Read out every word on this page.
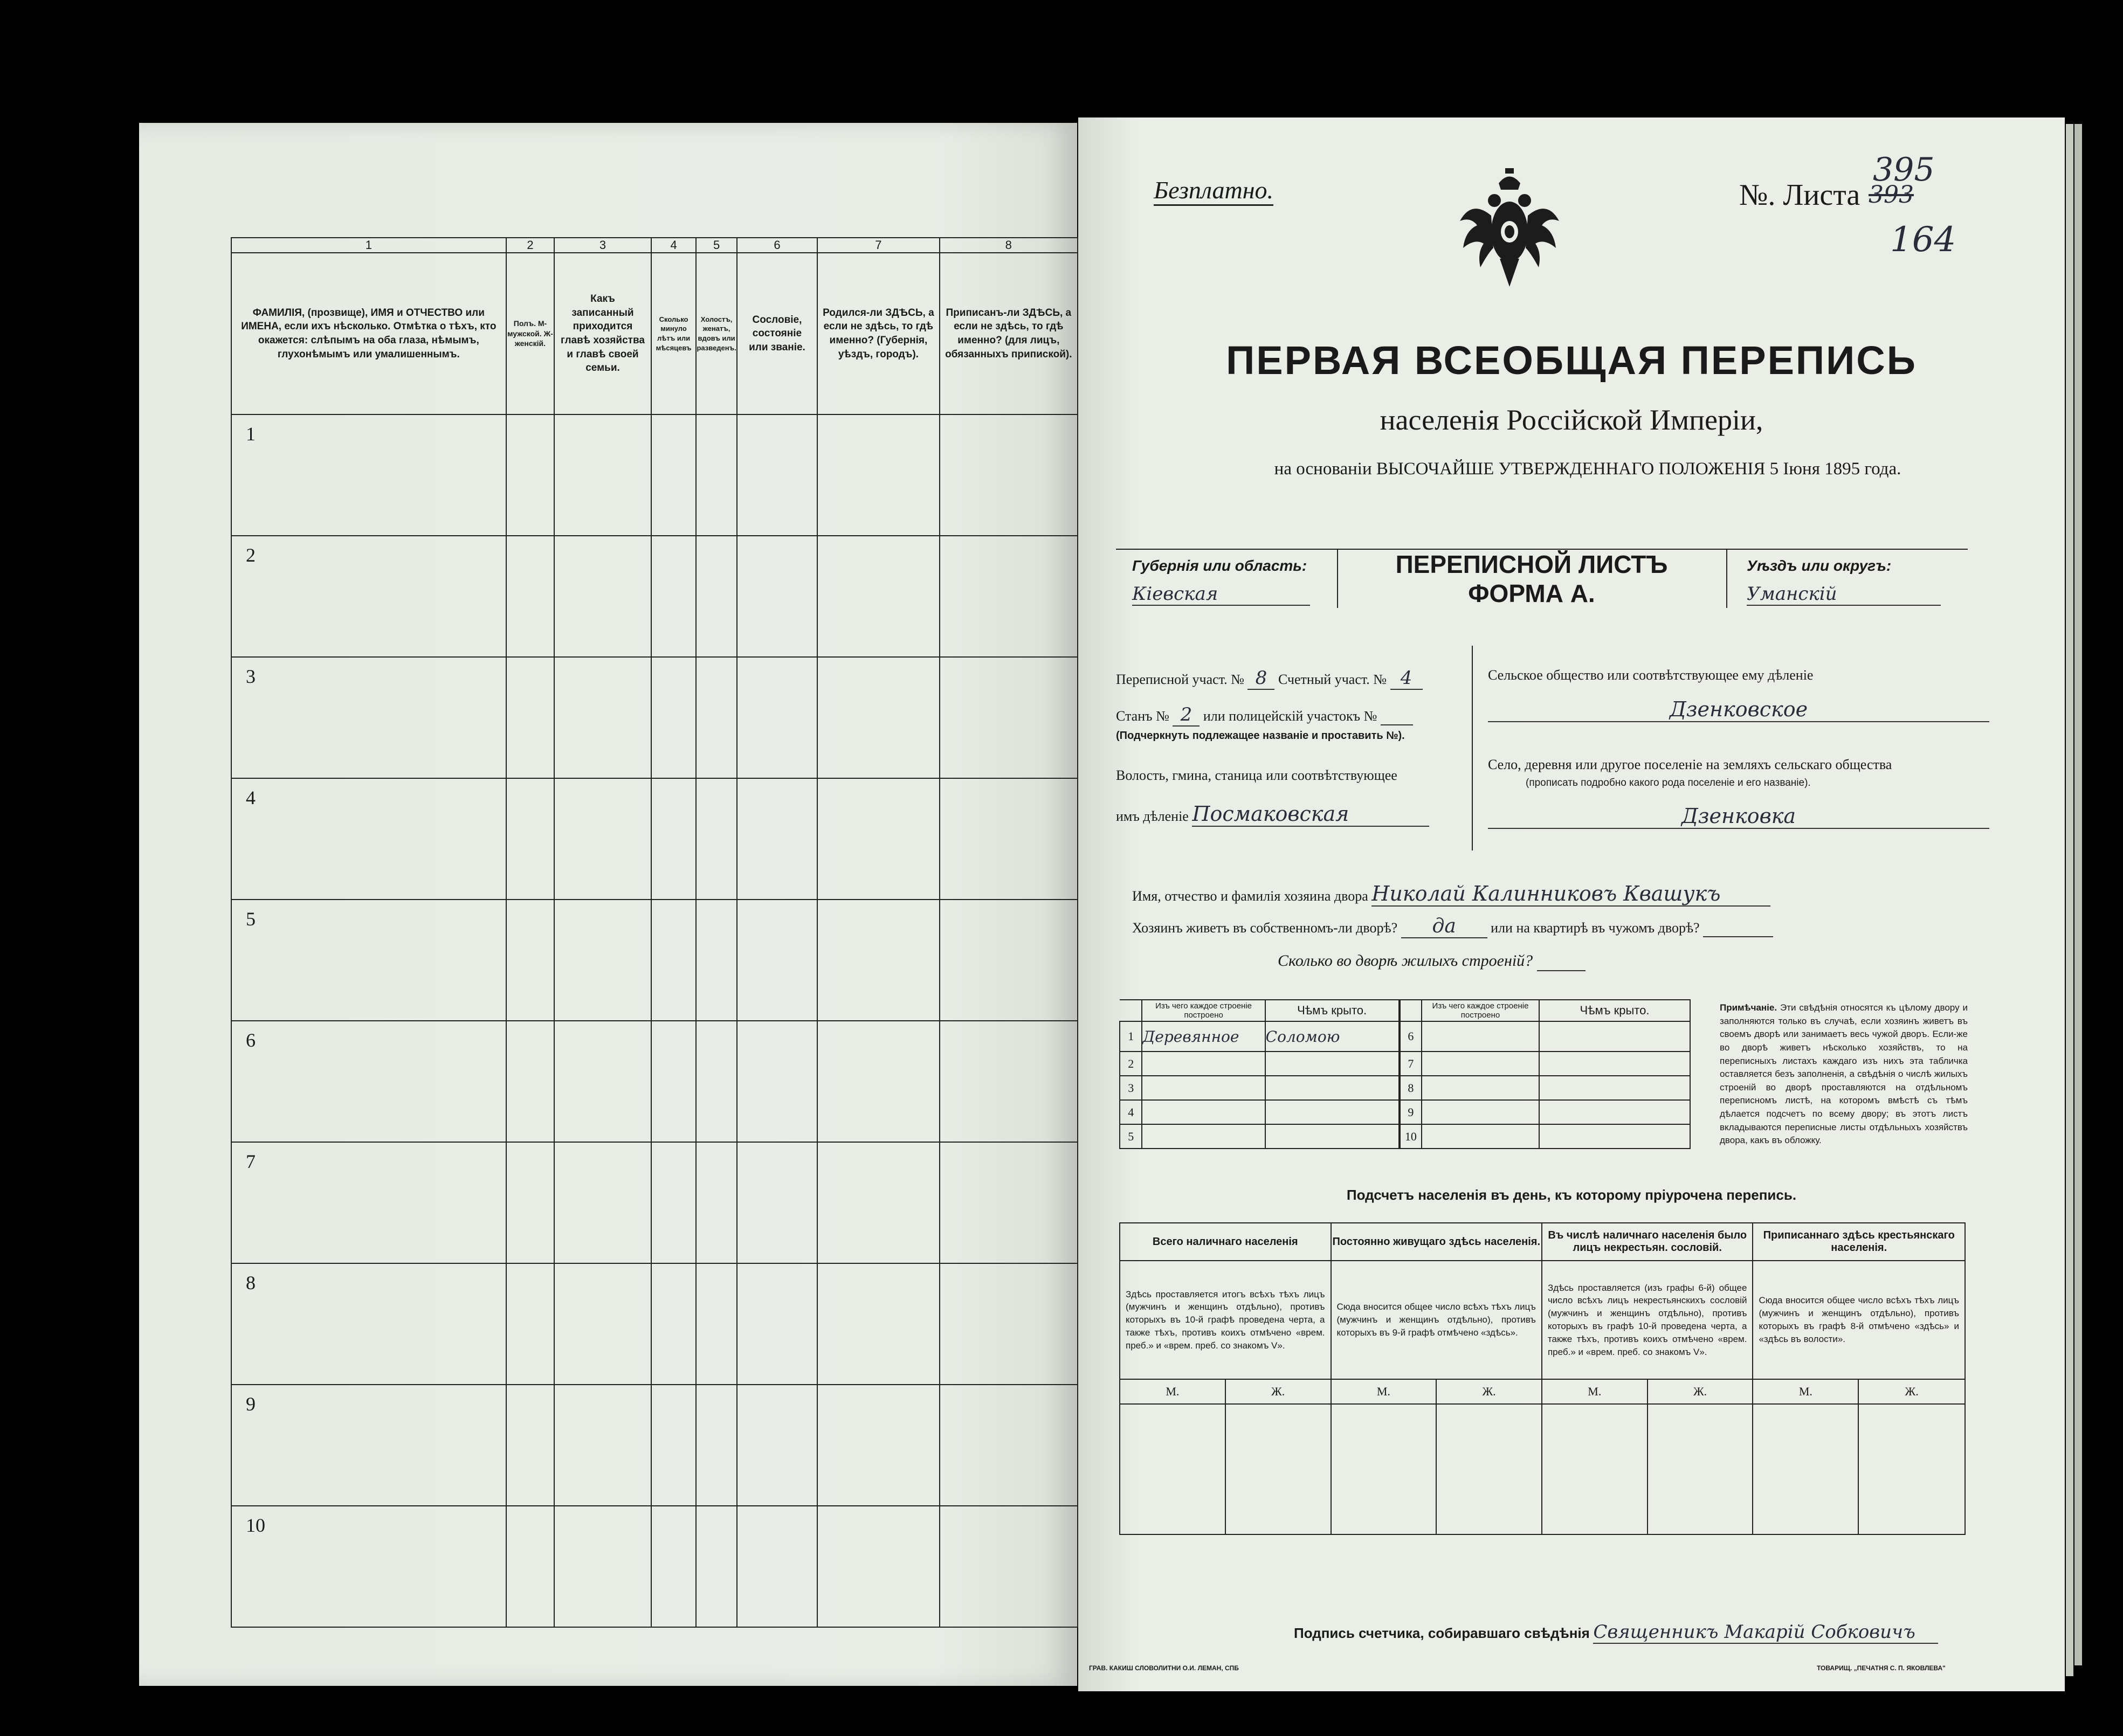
1	2	3	4	5	6	7	8
ФАМИЛІЯ, (прозвище), ИМЯ и ОТЧЕСТВО или ИМЕНА, если ихъ нѣсколько. Отмѣтка о тѣхъ, кто окажется: слѣпымъ на оба глаза, нѣмымъ, глухонѣмымъ или умалишеннымъ.	Полъ. М-мужской. Ж-женскій.	Какъ записанный приходится главѣ хозяйства и главѣ своей семьи.	Сколько минуло лѣтъ или мѣсяцевъ	Холостъ, женатъ, вдовъ или разведенъ.	Сословіе, состояніе или званіе.	Родился-ли ЗДѢСЬ, а если не здѣсь, то гдѣ именно? (Губернія, уѣздъ, городъ).	Приписанъ-ли ЗДѢСЬ, а если не здѣсь, то гдѣ именно? (для лицъ, обязанныхъ припиской).
1							
2							
3							
4							
5							
6							
7							
8							
9							
10							
Безплатно.	№. Листа
395
393
164
ПЕРВАЯ ВСЕОБЩАЯ ПЕРЕПИСЬ
населенія Россійской Имперіи,
на основаніи ВЫСОЧАЙШЕ УТВЕРЖДЕННАГО ПОЛОЖЕНІЯ 5 Іюня 1895 года.
Губернія или область:
Кіевская
ПЕРЕПИСНОЙ ЛИСТЪ
ФОРМА А.
Уѣздъ или округъ:
Уманскій
Переписной участ. № 8 Счетный участ. № 4
Станъ № 2 или полицейскій участокъ №
(Подчеркнуть подлежащее названіе и проставить №).
Волость, гмина, станица или соотвѣтствующее
имъ дѣленіе Посмаковская
Сельское общество или соотвѣтствующее ему дѣленіе
Дзенковское
Село, деревня или другое поселеніе на земляхъ сельскаго общества
(прописать подробно какого рода поселеніе и его названіе).
Дзенковка
Имя, отчество и фамилія хозяина двора Николай Калинниковъ Квашукъ
Хозяинъ живетъ въ собственномъ-ли дворѣ? да или на квартирѣ въ чужомъ дворѣ?
Сколько во дворѣ жилыхъ строеній?
	Изъ чего каждое строеніе построено	Чѣмъ крыто.		Изъ чего каждое строеніе построено	Чѣмъ крыто.
1	Деревянное	Соломою	6		
2			7		
3			8		
4			9		
5			10		
Примѣчаніе. Эти свѣдѣнія относятся къ цѣлому двору и заполняются только въ случаѣ, если хозяинъ живетъ въ своемъ дворѣ или занимаетъ весь чужой дворъ. Если-же во дворѣ живетъ нѣсколько хозяйствъ, то на переписныхъ листахъ каждаго изъ нихъ эта табличка оставляется безъ заполненія, а свѣдѣнія о числѣ жилыхъ строеній во дворѣ проставляются на отдѣльномъ переписномъ листѣ, на которомъ вмѣстѣ съ тѣмъ дѣлается подсчетъ по всему двору; въ этотъ листъ вкладываются переписные листы отдѣльныхъ хозяйствъ двора, какъ въ обложку.
Подсчетъ населенія въ день, къ которому пріурочена перепись.
Всего наличнаго населенія		Постоянно живущаго здѣсь населенія.		Въ числѣ наличнаго населенія было лицъ некрестьян. сословій.		Приписаннаго здѣсь крестьянскаго населенія.	
Здѣсь проставляется итогъ всѣхъ тѣхъ лицъ (мужчинъ и женщинъ отдѣльно), противъ которыхъ въ 10-й графѣ проведена черта, а также тѣхъ, противъ коихъ отмѣчено «врем. преб.» и «врем. преб. со знакомъ V».		Сюда вносится общее число всѣхъ тѣхъ лицъ (мужчинъ и женщинъ отдѣльно), противъ которыхъ въ 9-й графѣ отмѣчено «здѣсь».		Здѣсь проставляется (изъ графы 6-й) общее число всѣхъ лицъ некрестьянскихъ сословій (мужчинъ и женщинъ отдѣльно), противъ которыхъ въ графѣ 10-й проведена черта, а также тѣхъ, противъ коихъ отмѣчено «врем. преб.» и «врем. преб. со знакомъ V».		Сюда вносится общее число всѣхъ тѣхъ лицъ (мужчинъ и женщинъ отдѣльно), противъ которыхъ въ графѣ 8-й отмѣчено «здѣсь» и «здѣсь въ волости».	
М.	Ж.	М.	Ж.	М.	Ж.	М.	Ж.

Подпись счетчика, собиравшаго свѣдѣнія Священникъ Макарій Собковичъ
ГРАВ. КАКИШ СЛОВОЛИТНИ О.И. ЛЕМАН, СПБ	ТОВАРИЩ. „ПЕЧАТНЯ С. П. ЯКОВЛЕВА"
